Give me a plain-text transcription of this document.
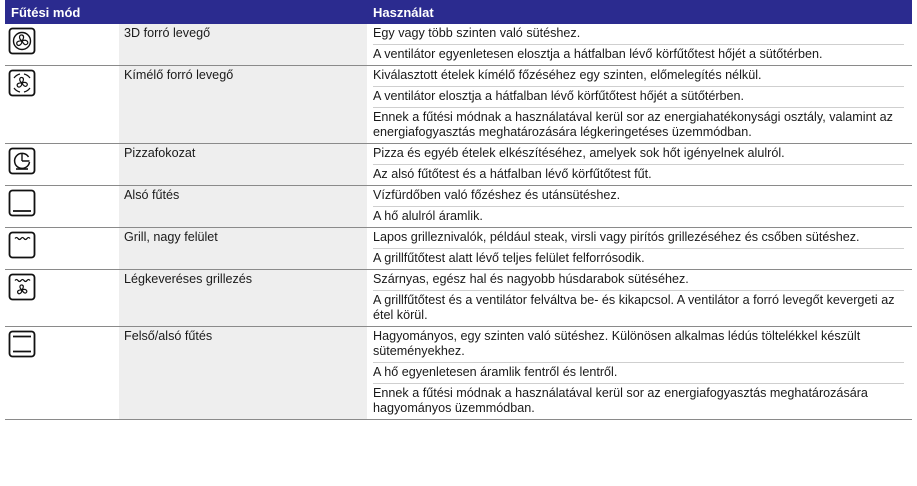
Fűtési mód	Használat
3D forró levegő	Egy vagy több szinten való sütéshez.
A ventilátor egyenletesen elosztja a hátfalban lévő körfűtőtest hőjét a sütőtérben.
Kímélő forró levegő	Kiválasztott ételek kímélő főzéséhez egy szinten, előmelegítés nélkül.
A ventilátor elosztja a hátfalban lévő körfűtőtest hőjét a sütőtérben.
Ennek a fűtési módnak a használatával kerül sor az energiahatékonysági osztály, valamint az energiafogyasztás meghatározására légkeringetéses üzemmódban.
Pizzafokozat	Pizza és egyéb ételek elkészítéséhez, amelyek sok hőt igényelnek alulról.
Az alsó fűtőtest és a hátfalban lévő körfűtőtest fűt.
Alsó fűtés	Vízfürdőben való főzéshez és utánsütéshez.
A hő alulról áramlik.
Grill, nagy felület	Lapos grilleznivalók, például steak, virsli vagy pirítós grillezéséhez és csőben sütéshez.
A grillfűtőtest alatt lévő teljes felület felforrósodik.
Légkeveréses grillezés	Szárnyas, egész hal és nagyobb húsdarabok sütéséhez.
A grillfűtőtest és a ventilátor felváltva be- és kikapcsol. A ventilátor a forró levegőt kevergeti az étel körül.
Felső/alsó fűtés	Hagyományos, egy szinten való sütéshez. Különösen alkalmas lédús töltelékkel készült süteményekhez.
A hő egyenletesen áramlik fentről és lentről.
Ennek a fűtési módnak a használatával kerül sor az energiafogyasztás meghatározására hagyományos üzemmódban.
